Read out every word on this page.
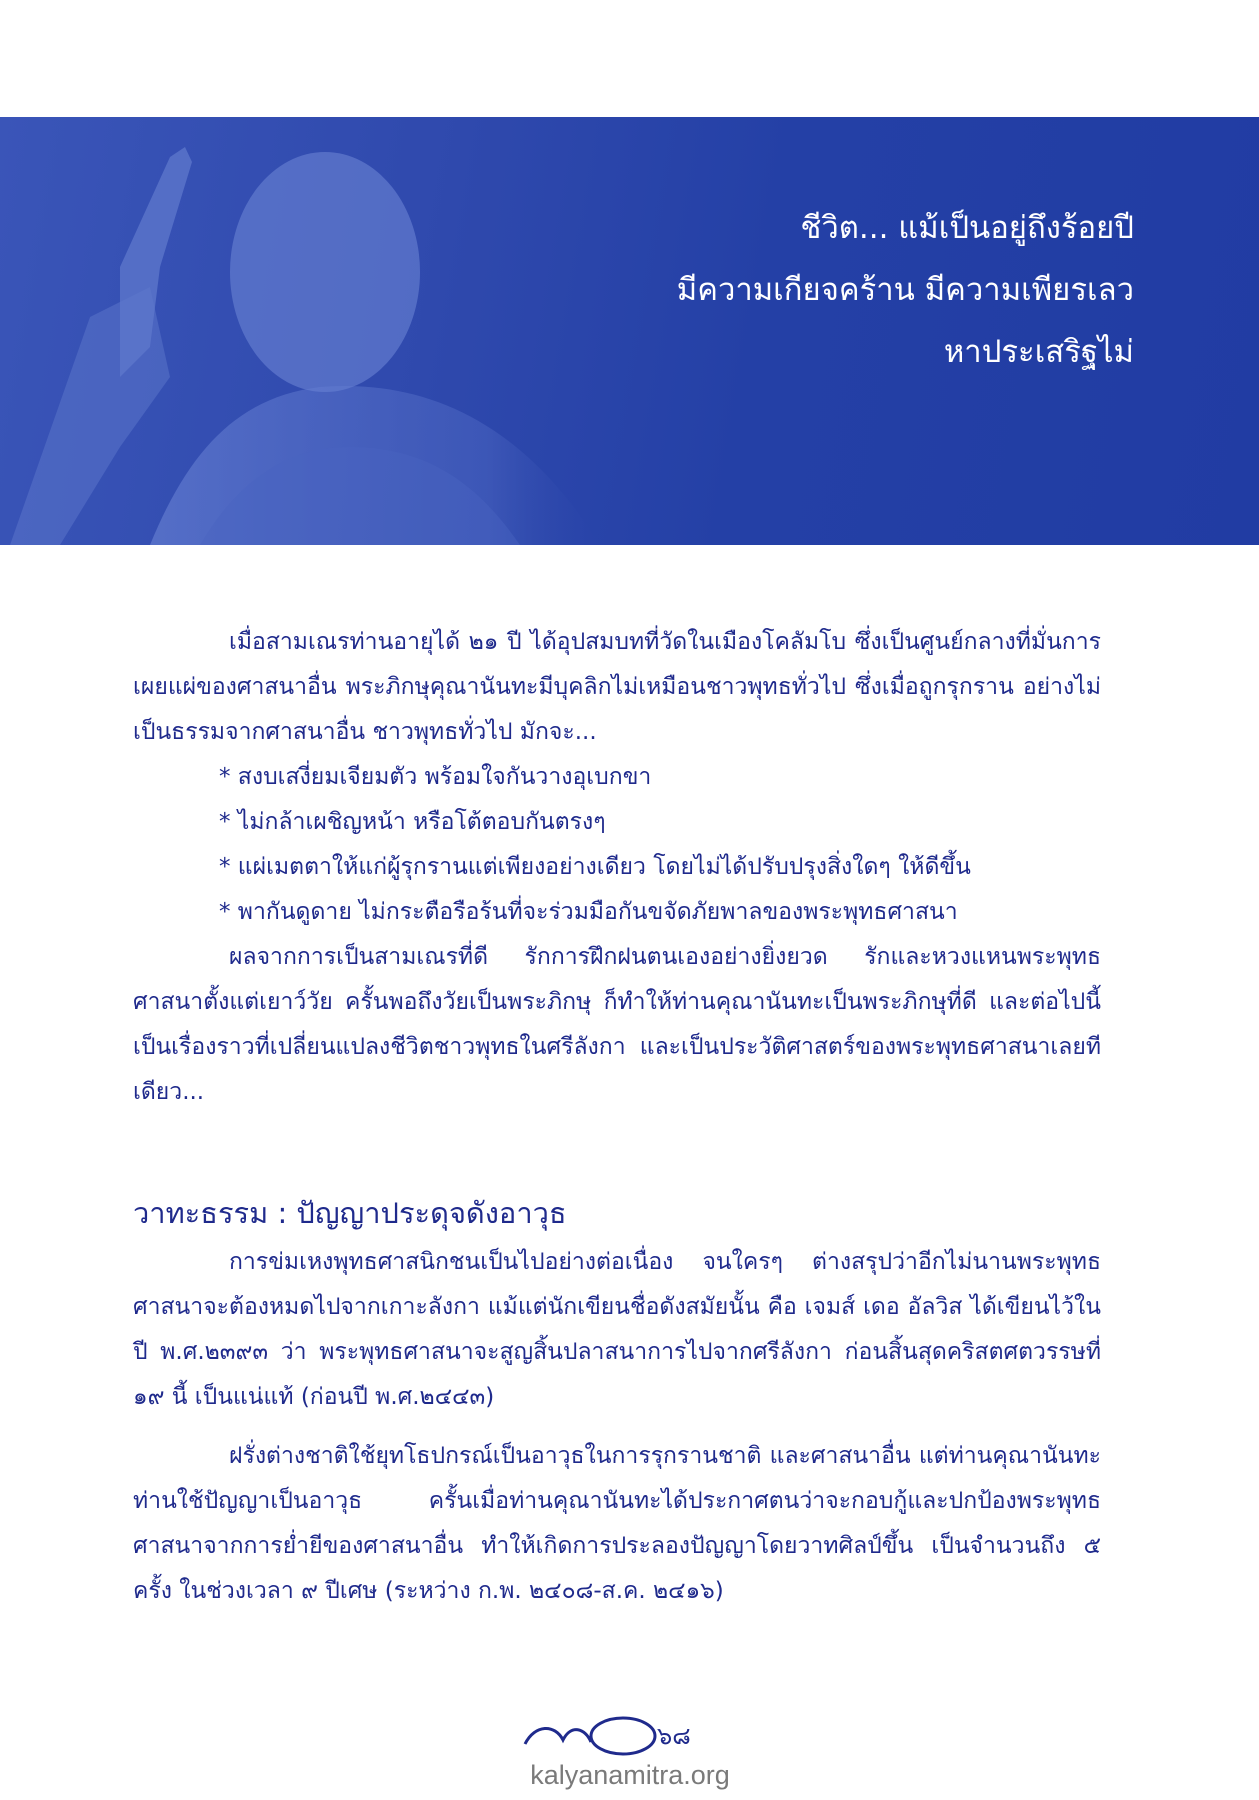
ชีวิต... แม้เป็นอยู่ถึงร้อยปี
มีความเกียจคร้าน มีความเพียรเลว
หาประเสริฐไม่
เมื่อสามเณรท่านอายุได้ ๒๑ ปี ได้อุปสมบทที่วัดในเมืองโคลัมโบ ซึ่งเป็นศูนย์กลางที่มั่นการเผยแผ่ของศาสนาอื่น พระภิกษุคุณานันทะมีบุคลิกไม่เหมือนชาวพุทธทั่วไป ซึ่งเมื่อถูกรุกราน อย่างไม่เป็นธรรมจากศาสนาอื่น ชาวพุทธทั่วไป มักจะ...
* สงบเสงี่ยมเจียมตัว พร้อมใจกันวางอุเบกขา
* ไม่กล้าเผชิญหน้า หรือโต้ตอบกันตรงๆ
* แผ่เมตตาให้แก่ผู้รุกรานแต่เพียงอย่างเดียว โดยไม่ได้ปรับปรุงสิ่งใดๆ ให้ดีขึ้น
* พากันดูดาย ไม่กระตือรือร้นที่จะร่วมมือกันขจัดภัยพาลของพระพุทธศาสนา
ผลจากการเป็นสามเณรที่ดี รักการฝึกฝนตนเองอย่างยิ่งยวด รักและหวงแหนพระพุทธศาสนาตั้งแต่เยาว์วัย ครั้นพอถึงวัยเป็นพระภิกษุ ก็ทำให้ท่านคุณานันทะเป็นพระภิกษุที่ดี และต่อไปนี้เป็นเรื่องราวที่เปลี่ยนแปลงชีวิตชาวพุทธในศรีลังกา และเป็นประวัติศาสตร์ของพระพุทธศาสนาเลยทีเดียว...
วาทะธรรม : ปัญญาประดุจดังอาวุธ
การข่มเหงพุทธศาสนิกชนเป็นไปอย่างต่อเนื่อง จนใครๆ ต่างสรุปว่าอีกไม่นานพระพุทธศาสนาจะต้องหมดไปจากเกาะลังกา แม้แต่นักเขียนชื่อดังสมัยนั้น คือ เจมส์ เดอ อัลวิส ได้เขียนไว้ในปี พ.ศ.๒๓๙๓ ว่า พระพุทธศาสนาจะสูญสิ้นปลาสนาการไปจากศรีลังกา ก่อนสิ้นสุดคริสตศตวรรษที่ ๑๙ นี้ เป็นแน่แท้ (ก่อนปี พ.ศ.๒๔๔๓)
ฝรั่งต่างชาติใช้ยุทโธปกรณ์เป็นอาวุธในการรุกรานชาติ และศาสนาอื่น แต่ท่านคุณานันทะ ท่านใช้ปัญญาเป็นอาวุธ ครั้นเมื่อท่านคุณานันทะได้ประกาศตนว่าจะกอบกู้และปกป้องพระพุทธศาสนาจากการย่ำยีของศาสนาอื่น ทำให้เกิดการประลองปัญญาโดยวาทศิลป์ขึ้น เป็นจำนวนถึง ๕ ครั้ง ในช่วงเวลา ๙ ปีเศษ (ระหว่าง ก.พ. ๒๔๐๘-ส.ค. ๒๔๑๖)
๖๘
kalyanamitra.org
